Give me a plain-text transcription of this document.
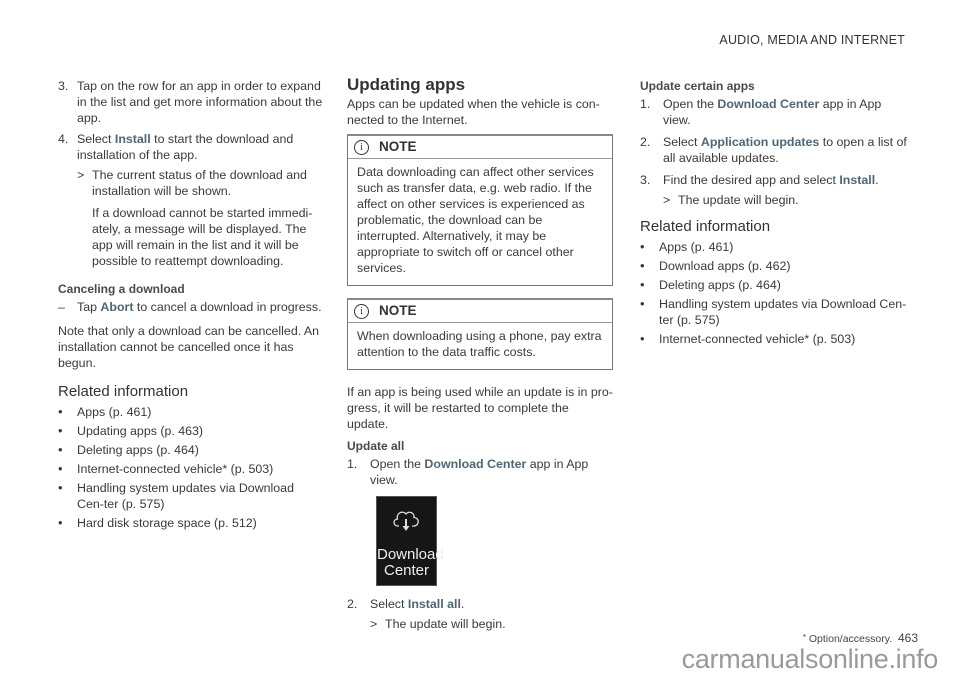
AUDIO, MEDIA AND INTERNET
3. Tap on the row for an app in order to expand in the list and get more information about the app.
4. Select Install to start the download and installation of the app.
> The current status of the download and installation will be shown.
If a download cannot be started immedi-ately, a message will be displayed. The app will remain in the list and it will be possible to reattempt downloading.
Canceling a download
– Tap Abort to cancel a download in progress.
Note that only a download can be cancelled. An installation cannot be cancelled once it has begun.
Related information
• Apps (p. 461)
• Updating apps (p. 463)
• Deleting apps (p. 464)
• Internet-connected vehicle* (p. 503)
• Handling system updates via Download Cen-ter (p. 575)
• Hard disk storage space (p. 512)
Updating apps
Apps can be updated when the vehicle is con-nected to the Internet.
i	NOTE
Data downloading can affect other services such as transfer data, e.g. web radio. If the affect on other services is experienced as problematic, the download can be interrupted. Alternatively, it may be appropriate to switch off or cancel other services.
i	NOTE
When downloading using a phone, pay extra attention to the data traffic costs.
If an app is being used while an update is in pro-gress, it will be restarted to complete the update.
Update all
1. Open the Download Center app in App view.
Download Center
2. Select Install all.
> The update will begin.
Update certain apps
1. Open the Download Center app in App view.
2. Select Application updates to open a list of all available updates.
3. Find the desired app and select Install.
> The update will begin.
Related information
• Apps (p. 461)
• Download apps (p. 462)
• Deleting apps (p. 464)
• Handling system updates via Download Cen-ter (p. 575)
• Internet-connected vehicle* (p. 503)
* Option/accessory. 463
carmanualsonline.info
